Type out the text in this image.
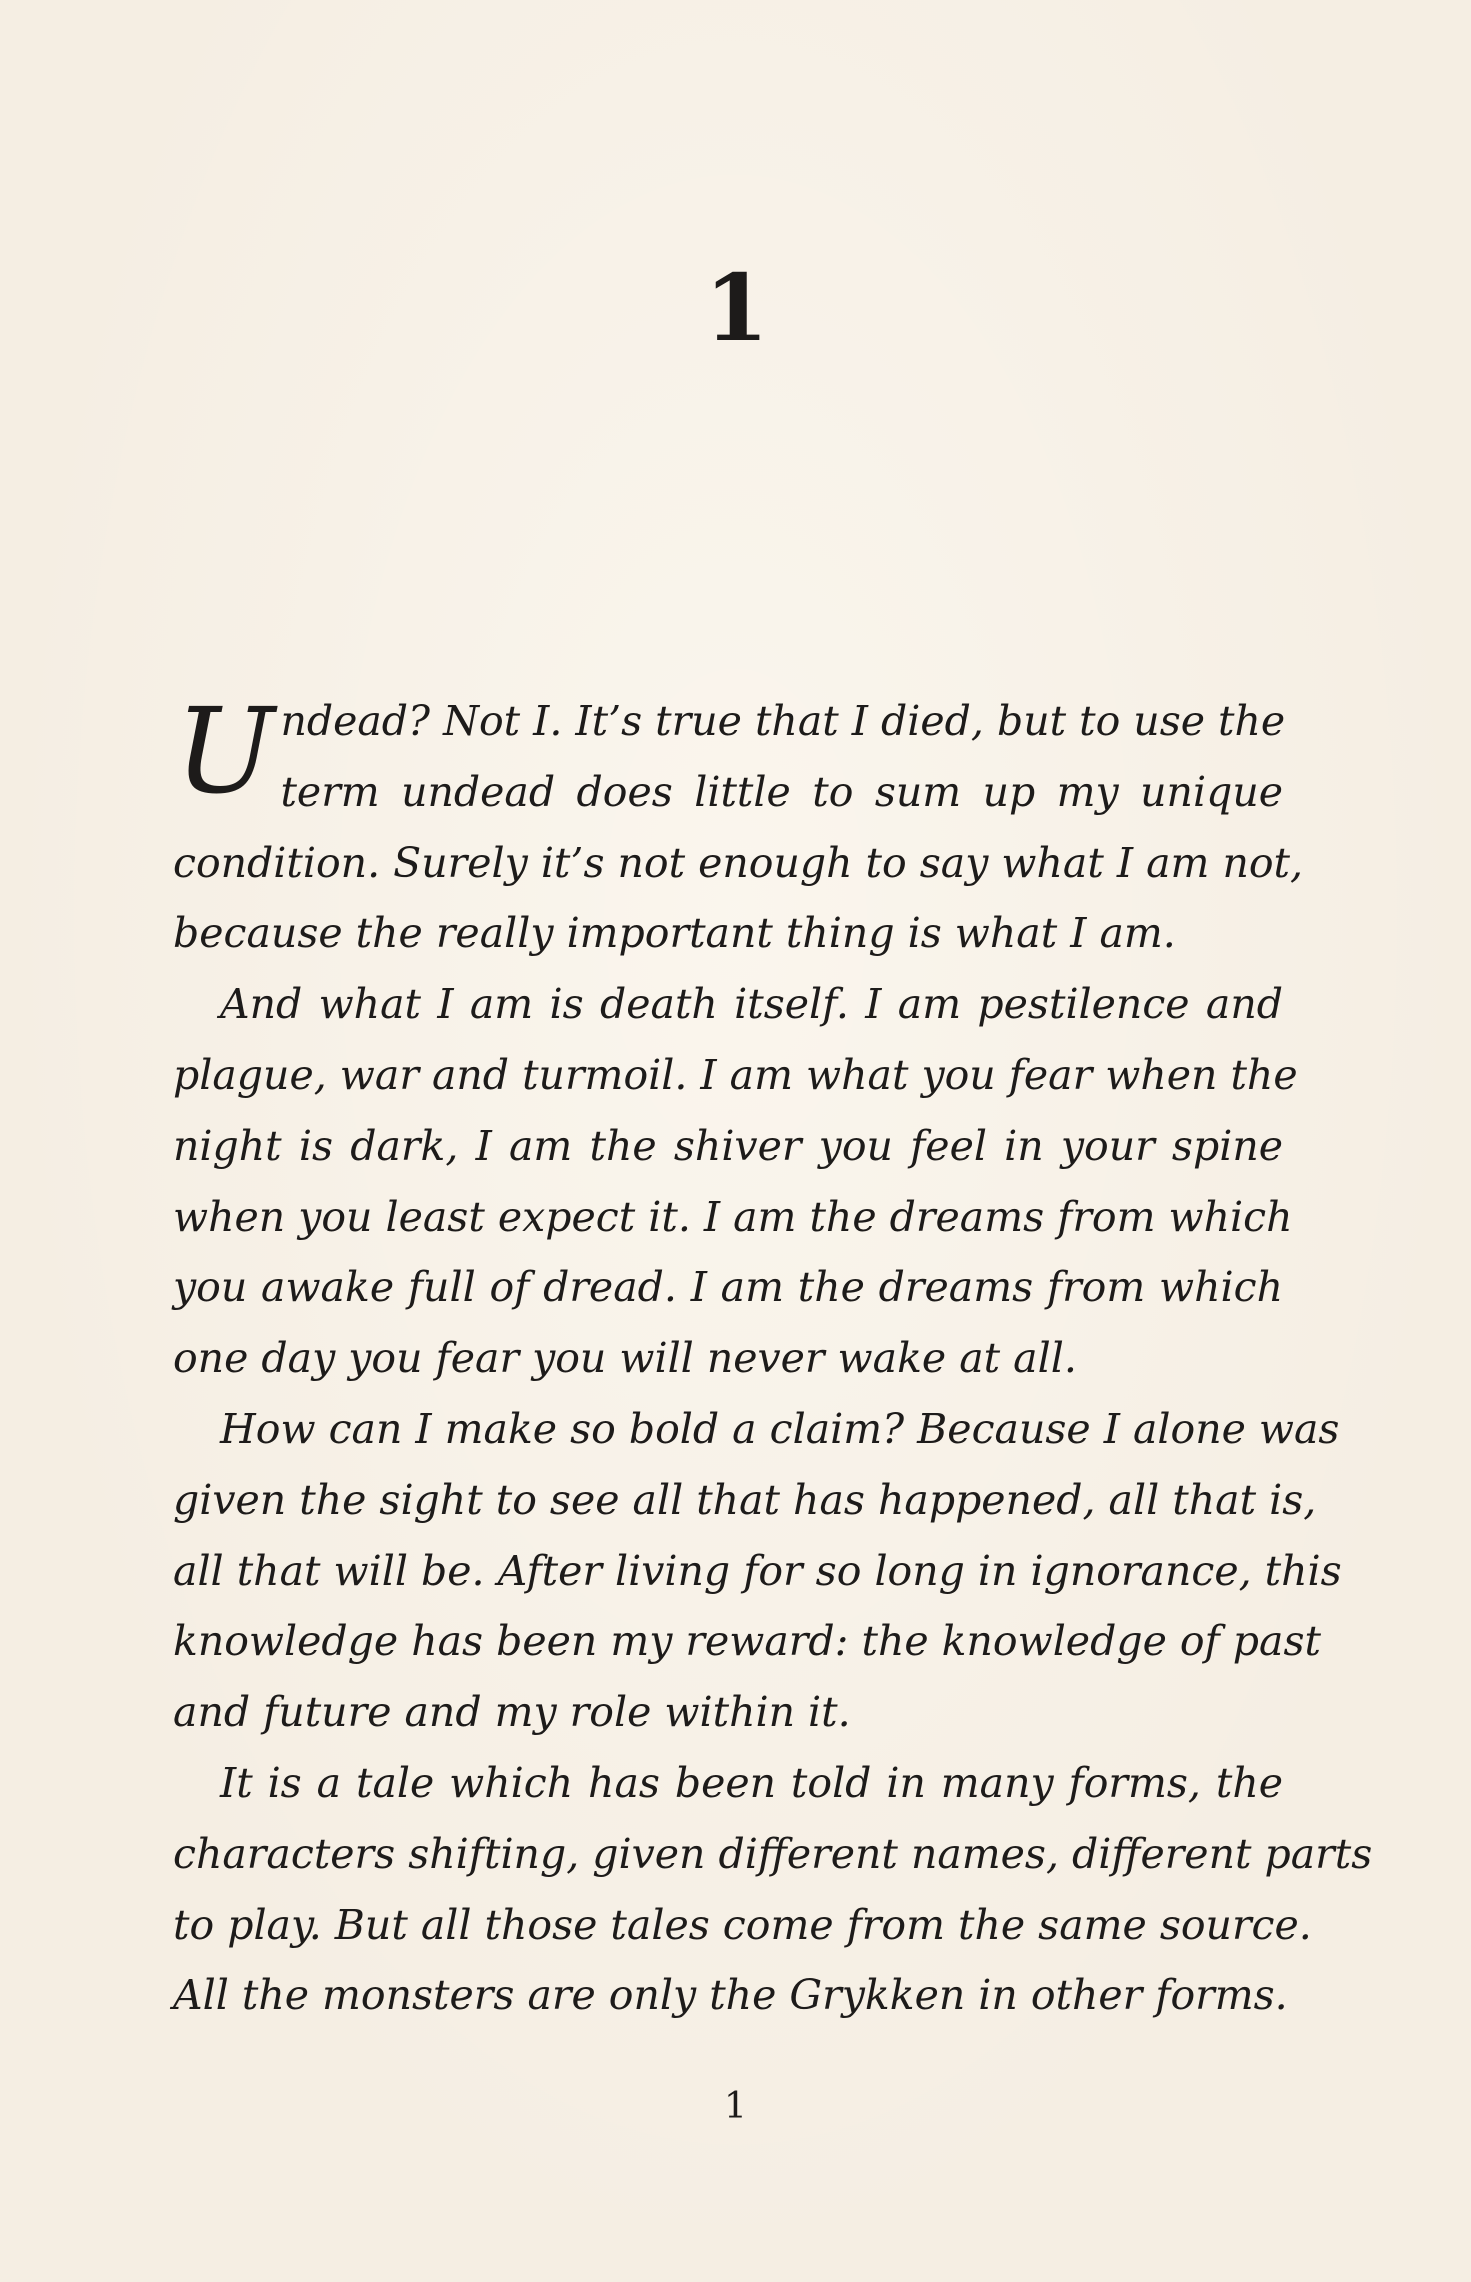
1
Undead? Not I. It’s true that I died, but to use the
term undead does little to sum up my unique
condition. Surely it’s not enough to say what I am not,
because the really important thing is what I am.
And what I am is death itself. I am pestilence and
plague, war and turmoil. I am what you fear when the
night is dark, I am the shiver you feel in your spine
when you least expect it. I am the dreams from which
you awake full of dread. I am the dreams from which
one day you fear you will never wake at all.
How can I make so bold a claim? Because I alone was
given the sight to see all that has happened, all that is,
all that will be. After living for so long in ignorance, this
knowledge has been my reward: the knowledge of past
and future and my role within it.
It is a tale which has been told in many forms, the
characters shifting, given different names, different parts
to play. But all those tales come from the same source.
All the monsters are only the Grykken in other forms.
1
